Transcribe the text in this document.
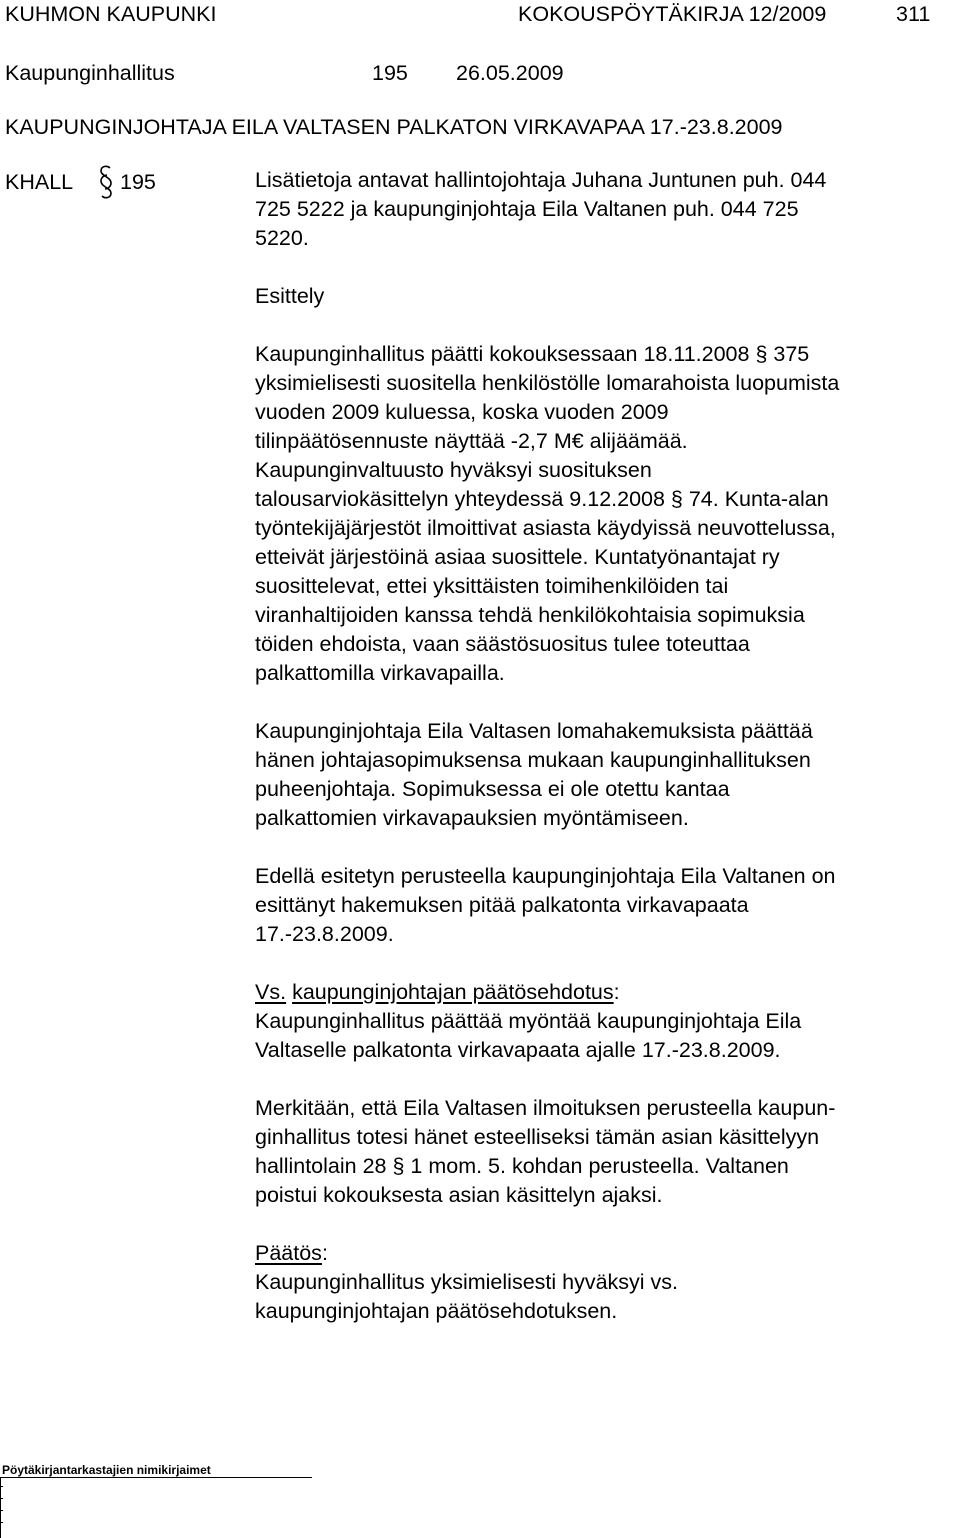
KUHMON KAUPUNKI	KOKOUSPÖYTÄKIRJA 12/2009	311
Kaupunginhallitus	195 26.05.2009
KAUPUNGINJOHTAJA EILA VALTASEN PALKATON VIRKAVAPAA 17.-23.8.2009
KHALL 195	Lisätietoja antavat hallintojohtaja Juhana Juntunen puh. 044
725 5222 ja kaupunginjohtaja Eila Valtanen puh. 044 725
5220.
Esittely
Kaupunginhallitus päätti kokouksessaan 18.11.2008 § 375
yksimielisesti suositella henkilöstölle lomarahoista luopumista
vuoden 2009 kuluessa, koska vuoden 2009
tilinpäätösennuste näyttää -2,7 M€ alijäämää.
Kaupunginvaltuusto hyväksyi suosituksen
talousarviokäsittelyn yhteydessä 9.12.2008 § 74. Kunta-alan
työntekijäjärjestöt ilmoittivat asiasta käydyissä neuvottelussa,
etteivät järjestöinä asiaa suosittele. Kuntatyönantajat ry
suosittelevat, ettei yksittäisten toimihenkilöiden tai
viranhaltijoiden kanssa tehdä henkilökohtaisia sopimuksia
töiden ehdoista, vaan säästösuositus tulee toteuttaa
palkattomilla virkavapailla.
Kaupunginjohtaja Eila Valtasen lomahakemuksista päättää
hänen johtajasopimuksensa mukaan kaupunginhallituksen
puheenjohtaja. Sopimuksessa ei ole otettu kantaa
palkattomien virkavapauksien myöntämiseen.
Edellä esitetyn perusteella kaupunginjohtaja Eila Valtanen on
esittänyt hakemuksen pitää palkatonta virkavapaata
17.-23.8.2009.
Vs. kaupunginjohtajan päätösehdotus:
Kaupunginhallitus päättää myöntää kaupunginjohtaja Eila
Valtaselle palkatonta virkavapaata ajalle 17.-23.8.2009.
Merkitään, että Eila Valtasen ilmoituksen perusteella kaupun-
ginhallitus totesi hänet esteelliseksi tämän asian käsittelyyn
hallintolain 28 § 1 mom. 5. kohdan perusteella. Valtanen
poistui kokouksesta asian käsittelyn ajaksi.
Päätös:
Kaupunginhallitus yksimielisesti hyväksyi vs.
kaupunginjohtajan päätösehdotuksen.
Pöytäkirjantarkastajien nimikirjaimet
